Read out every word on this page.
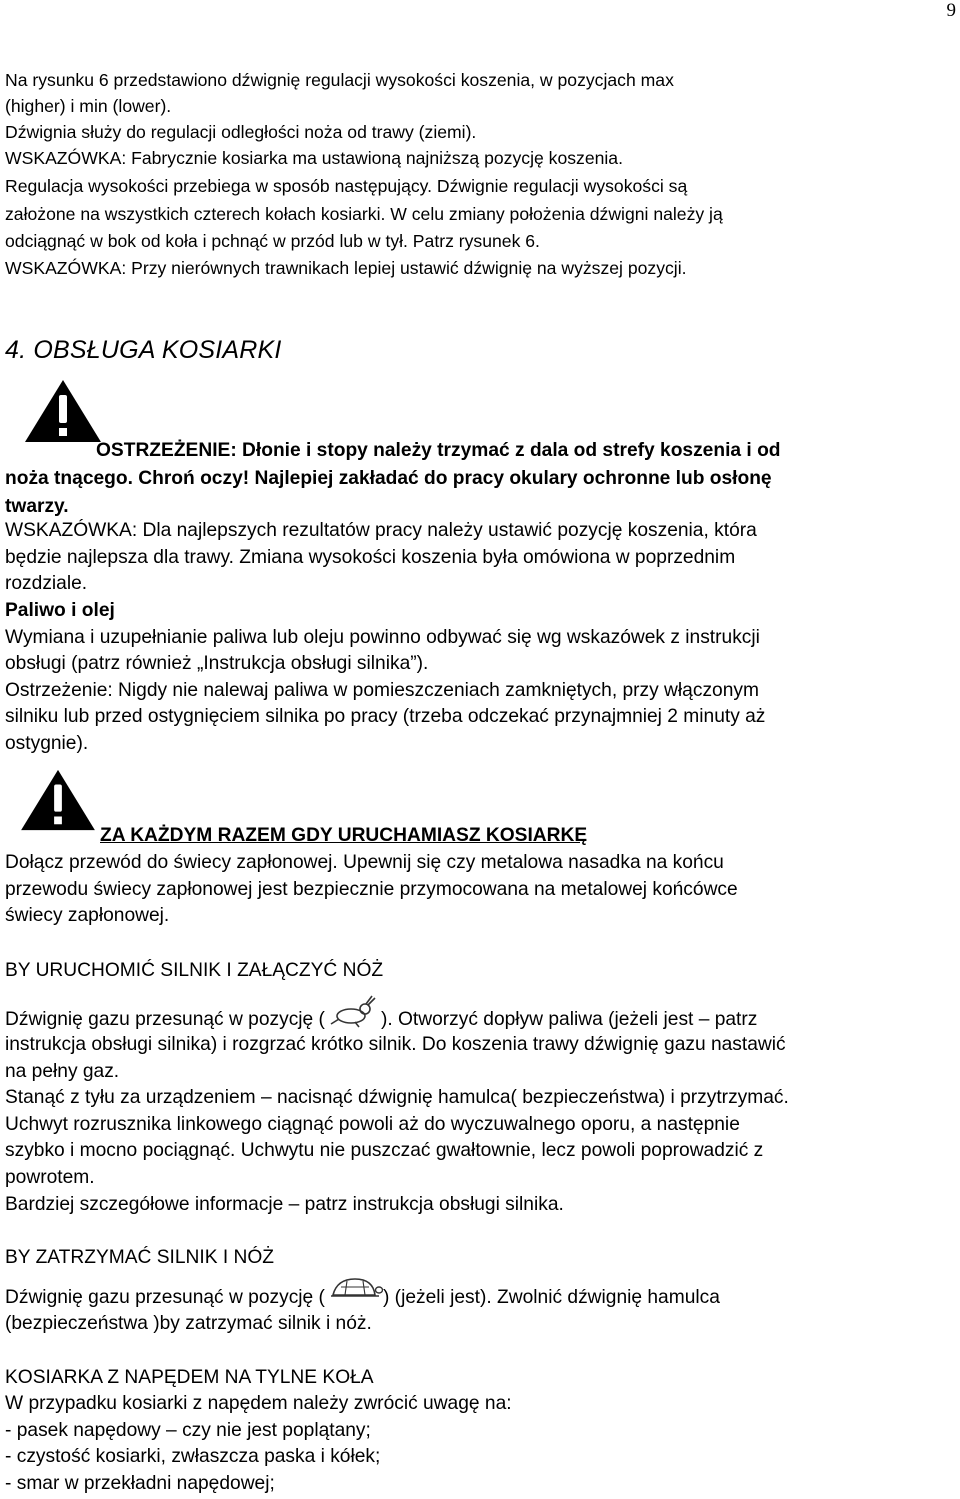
9

Na rysunku 6 przedstawiono dźwignię regulacji wysokości koszenia, w pozycjach max

(higher) i min (lower).

Dźwignia służy do regulacji odległości noża od trawy (ziemi).

WSKAZÓWKA: Fabrycznie kosiarka ma ustawioną najniższą pozycję koszenia.

Regulacja wysokości przebiega w sposób następujący. Dźwignie regulacji wysokości są

założone na wszystkich czterech kołach kosiarki. W celu zmiany położenia dźwigni należy ją

odciągnąć w bok od koła i pchnąć w przód lub w tył. Patrz rysunek 6.

WSKAZÓWKA: Przy nierównych trawnikach lepiej ustawić dźwignię na wyższej pozycji.

4. OBSŁUGA KOSIARKI

OSTRZEŻENIE: Dłonie i stopy należy trzymać z dala od strefy koszenia i od

noża tnącego. Chroń oczy! Najlepiej zakładać do pracy okulary ochronne lub osłonę

twarzy.

WSKAZÓWKA: Dla najlepszych rezultatów pracy należy ustawić pozycję koszenia, która

będzie najlepsza dla trawy. Zmiana wysokości koszenia była omówiona w poprzednim

rozdziale.

Paliwo i olej

Wymiana i uzupełnianie paliwa lub oleju powinno odbywać się wg wskazówek z instrukcji

obsługi (patrz również „Instrukcja obsługi silnika”).

Ostrzeżenie: Nigdy nie nalewaj paliwa w pomieszczeniach zamkniętych, przy włączonym

silniku lub przed ostygnięciem silnika po pracy (trzeba odczekać przynajmniej 2 minuty aż

ostygnie).

ZA KAŻDYM RAZEM GDY URUCHAMIASZ KOSIARKĘ

Dołącz przewód do świecy zapłonowej. Upewnij się czy metalowa nasadka na końcu

przewodu świecy zapłonowej jest bezpiecznie przymocowana na metalowej końcówce

świecy zapłonowej.

BY URUCHOMIĆ SILNIK I ZAŁĄCZYĆ NÓŻ

Dźwignię gazu przesunąć w pozycję (	). Otworzyć dopływ paliwa (jeżeli jest – patrz

instrukcja obsługi silnika) i rozgrzać krótko silnik. Do koszenia trawy dźwignię gazu nastawić

na pełny gaz.

Stanąć z tyłu za urządzeniem – nacisnąć dźwignię hamulca( bezpieczeństwa) i przytrzymać.

Uchwyt rozrusznika linkowego ciągnąć powoli aż do wyczuwalnego oporu, a następnie

szybko i mocno pociągnąć. Uchwytu nie puszczać gwałtownie, lecz powoli poprowadzić z

powrotem.

Bardziej szczegółowe informacje – patrz instrukcja obsługi silnika.

BY ZATRZYMAĆ SILNIK I NÓŻ

Dźwignię gazu przesunąć w pozycję (	) (jeżeli jest). Zwolnić dźwignię hamulca

(bezpieczeństwa )by zatrzymać silnik i nóż.

KOSIARKA Z NAPĘDEM NA TYLNE KOŁA

W przypadku kosiarki z napędem należy zwrócić uwagę na:

- pasek napędowy – czy nie jest poplątany;

- czystość kosiarki, zwłaszcza paska i kółek;

- smar w przekładni napędowej;
